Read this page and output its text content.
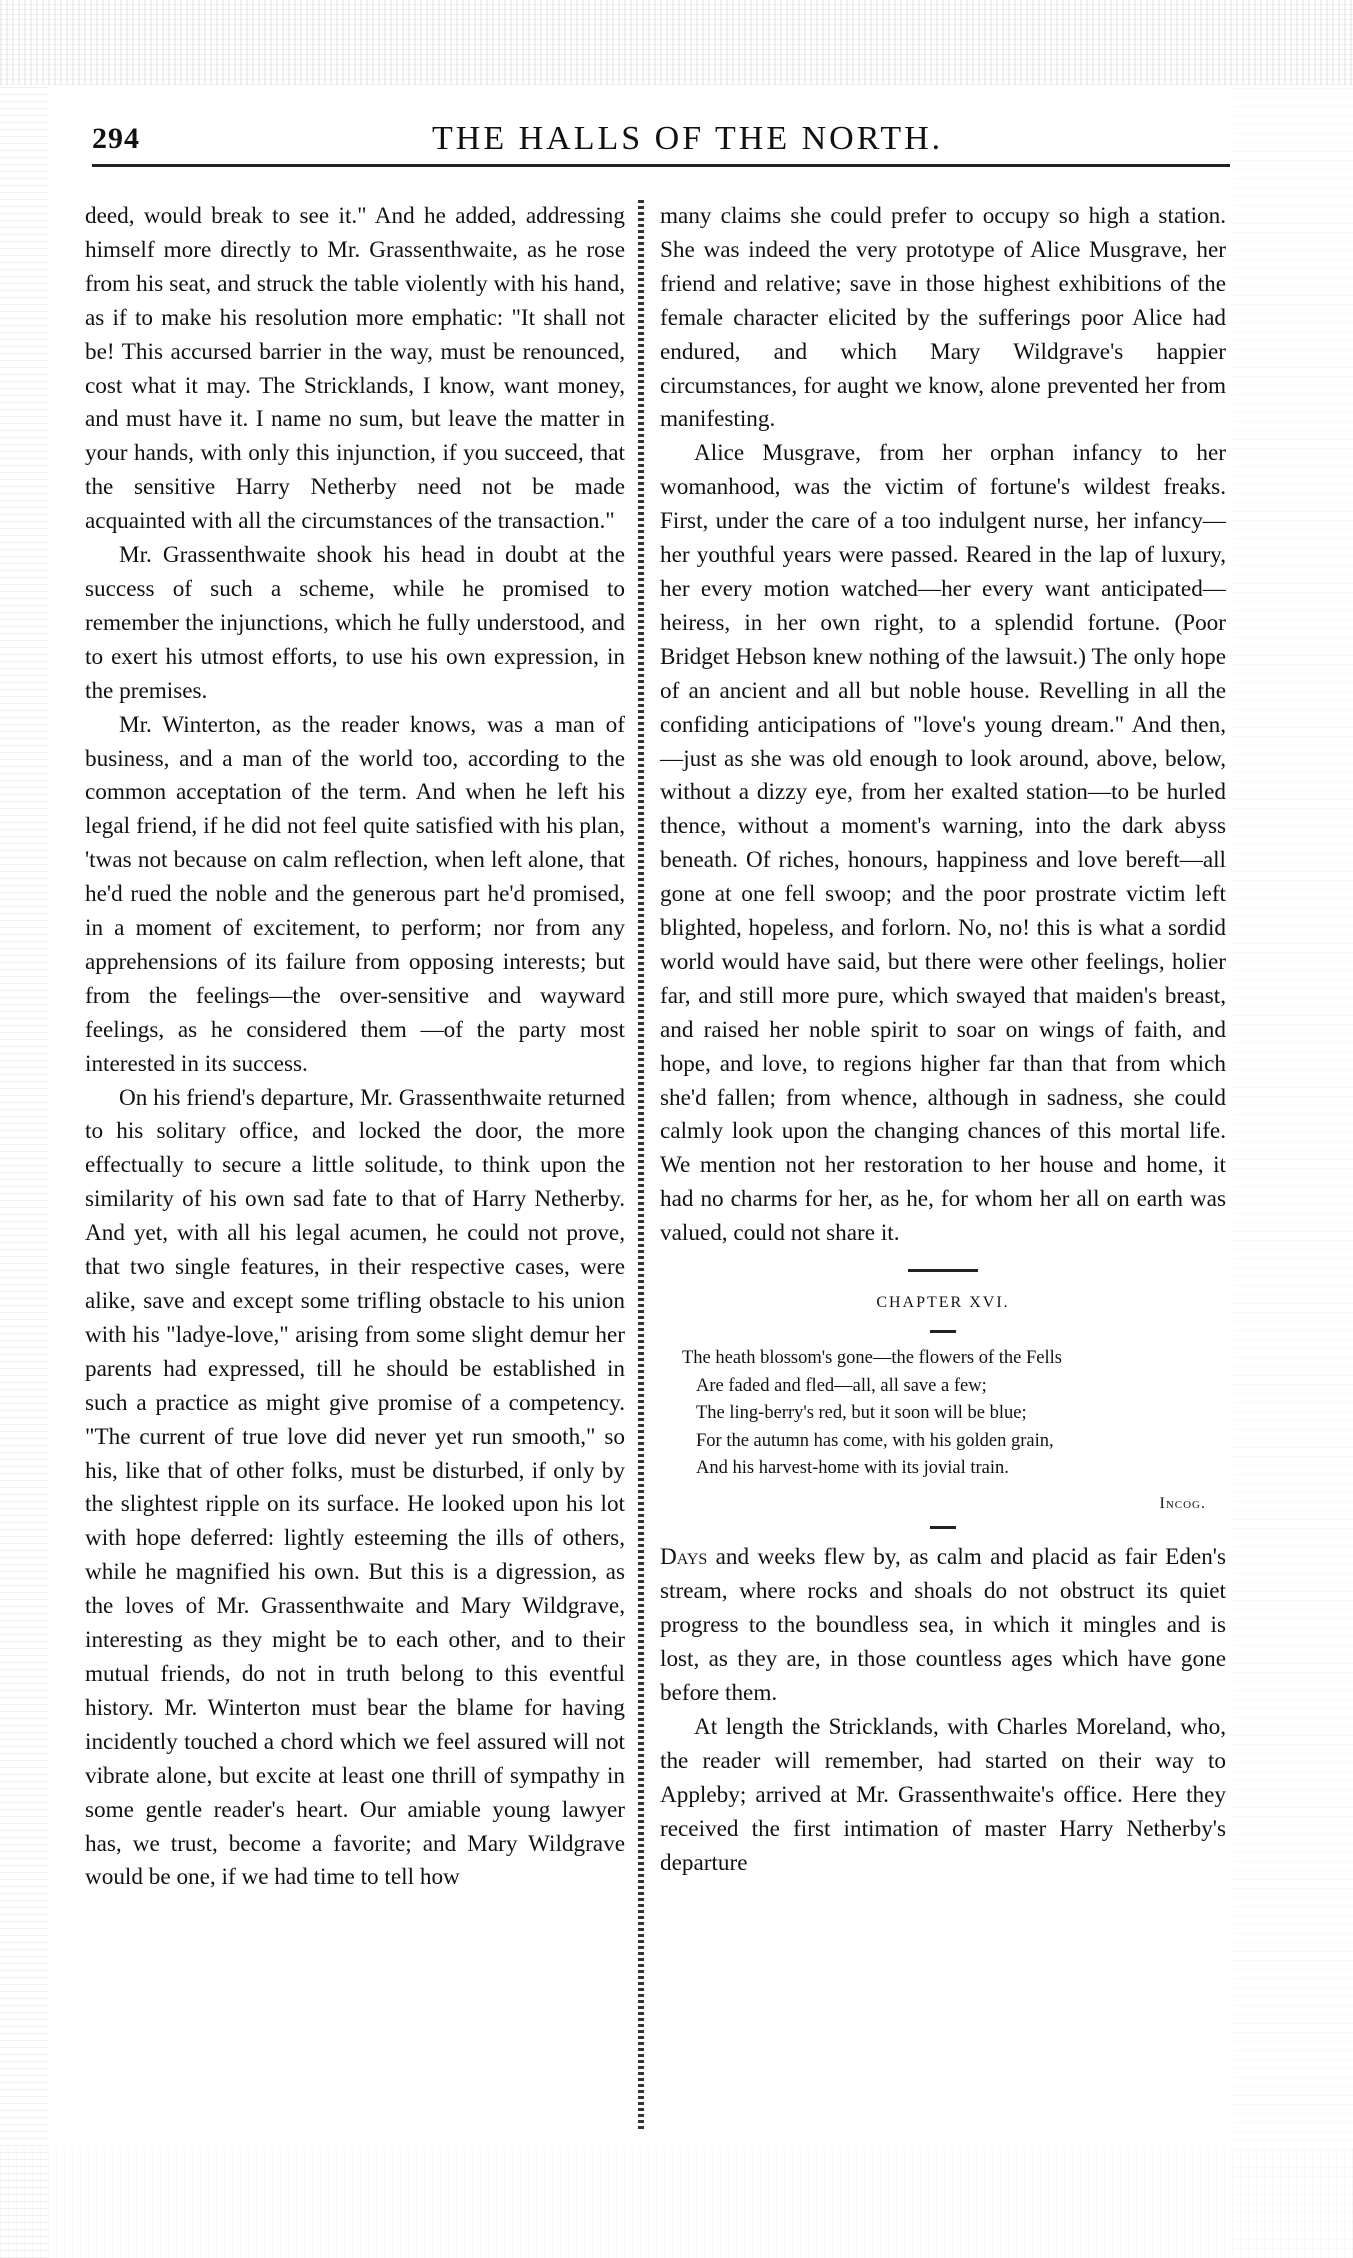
294	THE HALLS OF THE NORTH.

deed, would break to see it." And he added, addressing himself more directly to Mr. Grassenthwaite, as he rose from his seat, and struck the table violently with his hand, as if to make his resolution more emphatic: "It shall not be! This accursed barrier in the way, must be renounced, cost what it may. The Stricklands, I know, want money, and must have it. I name no sum, but leave the matter in your hands, with only this injunction, if you succeed, that the sensitive Harry Netherby need not be made acquainted with all the circumstances of the transaction."

Mr. Grassenthwaite shook his head in doubt at the success of such a scheme, while he promised to remember the injunctions, which he fully understood, and to exert his utmost efforts, to use his own expression, in the premises.

Mr. Winterton, as the reader knows, was a man of business, and a man of the world too, according to the common acceptation of the term. And when he left his legal friend, if he did not feel quite satisfied with his plan, 'twas not because on calm reflection, when left alone, that he'd rued the noble and the generous part he'd promised, in a moment of excitement, to perform; nor from any apprehensions of its failure from opposing interests; but from the feelings—the over-sensitive and wayward feelings, as he considered them —of the party most interested in its success.

On his friend's departure, Mr. Grassenthwaite returned to his solitary office, and locked the door, the more effectually to secure a little solitude, to think upon the similarity of his own sad fate to that of Harry Netherby. And yet, with all his legal acumen, he could not prove, that two single features, in their respective cases, were alike, save and except some trifling obstacle to his union with his "ladye-love," arising from some slight demur her parents had expressed, till he should be established in such a practice as might give promise of a competency. "The current of true love did never yet run smooth," so his, like that of other folks, must be disturbed, if only by the slightest ripple on its surface. He looked upon his lot with hope deferred: lightly esteeming the ills of others, while he magnified his own. But this is a digression, as the loves of Mr. Grassenthwaite and Mary Wildgrave, interesting as they might be to each other, and to their mutual friends, do not in truth belong to this eventful history. Mr. Winterton must bear the blame for having incidently touched a chord which we feel assured will not vibrate alone, but excite at least one thrill of sympathy in some gentle reader's heart. Our amiable young lawyer has, we trust, become a favorite; and Mary Wildgrave would be one, if we had time to tell how

many claims she could prefer to occupy so high a station. She was indeed the very prototype of Alice Musgrave, her friend and relative; save in those highest exhibitions of the female character elicited by the sufferings poor Alice had endured, and which Mary Wildgrave's happier circumstances, for aught we know, alone prevented her from manifesting.

Alice Musgrave, from her orphan infancy to her womanhood, was the victim of fortune's wildest freaks. First, under the care of a too indulgent nurse, her infancy—her youthful years were passed. Reared in the lap of luxury, her every motion watched—her every want anticipated—heiress, in her own right, to a splendid fortune. (Poor Bridget Hebson knew nothing of the lawsuit.) The only hope of an ancient and all but noble house. Revelling in all the confiding anticipations of "love's young dream." And then, —just as she was old enough to look around, above, below, without a dizzy eye, from her exalted station—to be hurled thence, without a moment's warning, into the dark abyss beneath. Of riches, honours, happiness and love bereft—all gone at one fell swoop; and the poor prostrate victim left blighted, hopeless, and forlorn. No, no! this is what a sordid world would have said, but there were other feelings, holier far, and still more pure, which swayed that maiden's breast, and raised her noble spirit to soar on wings of faith, and hope, and love, to regions higher far than that from which she'd fallen; from whence, although in sadness, she could calmly look upon the changing chances of this mortal life. We mention not her restoration to her house and home, it had no charms for her, as he, for whom her all on earth was valued, could not share it.

CHAPTER XVI.
The heath blossom's gone—the flowers of the Fells
Are faded and fled—all, all save a few;
The ling-berry's red, but it soon will be blue;
For the autumn has come, with his golden grain,
And his harvest-home with its jovial train.
Incog.

Days and weeks flew by, as calm and placid as fair Eden's stream, where rocks and shoals do not obstruct its quiet progress to the boundless sea, in which it mingles and is lost, as they are, in those countless ages which have gone before them.

At length the Stricklands, with Charles Moreland, who, the reader will remember, had started on their way to Appleby; arrived at Mr. Grassenthwaite's office. Here they received the first intimation of master Harry Netherby's departure
